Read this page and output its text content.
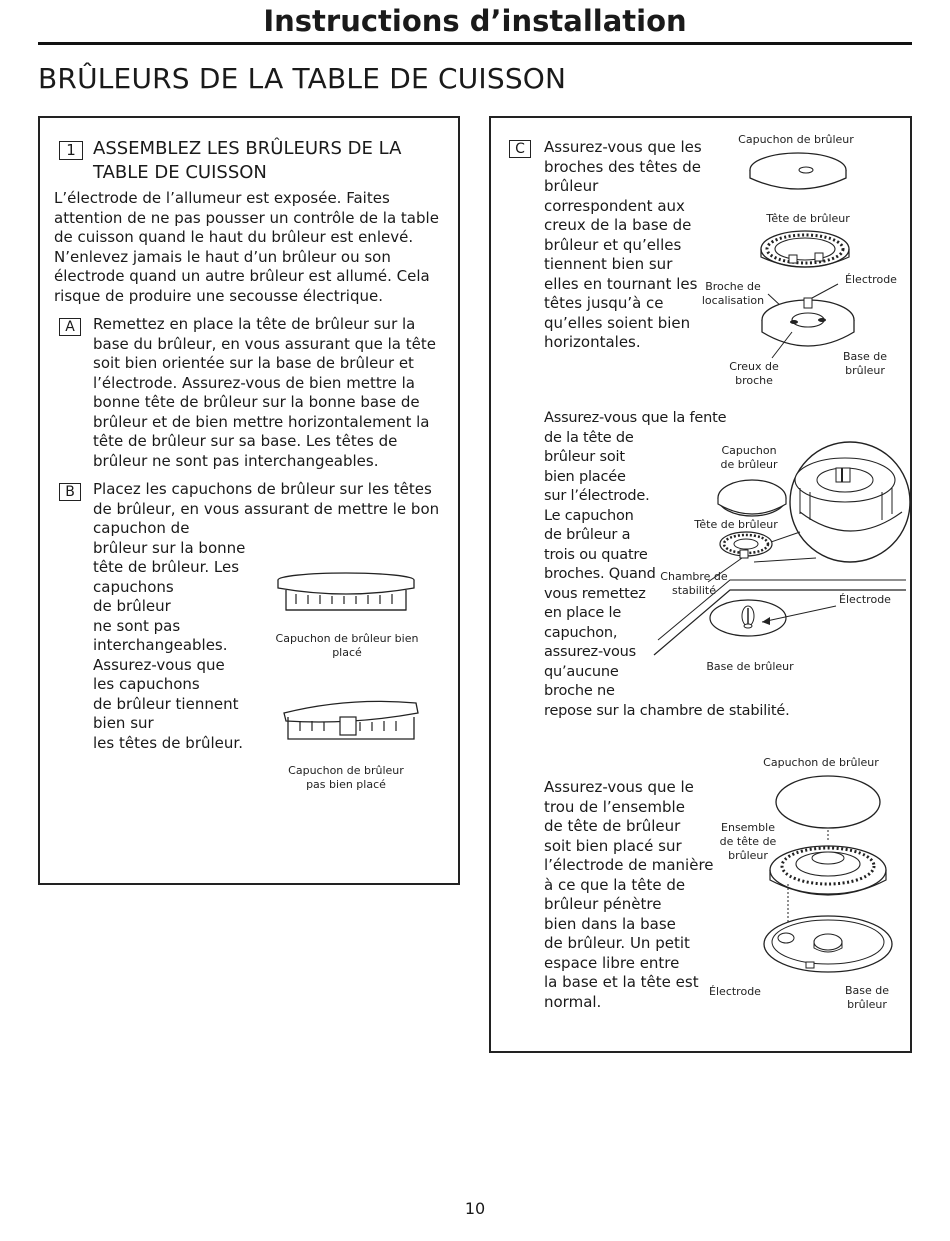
Instructions d’installation
BRÛLEURS DE LA TABLE DE CUISSON
1 ASSEMBLEZ LES BRÛLEURS DE LA
TABLE DE CUISSON
L’électrode de l’allumeur est exposée. Faites
attention de ne pas pousser un contrôle de la table
de cuisson quand le haut du brûleur est enlevé.
N’enlevez jamais le haut d’un brûleur ou son
électrode quand un autre brûleur est allumé. Cela
risque de produire une secousse électrique.
A	Remettez en place la tête de brûleur sur la
base du brûleur, en vous assurant que la tête
soit bien orientée sur la base de brûleur et
l’électrode. Assurez-vous de bien mettre la
bonne tête de brûleur sur la bonne base de
brûleur et de bien mettre horizontalement la
tête de brûleur sur sa base. Les têtes de
brûleur ne sont pas interchangeables.
B	Placez les capuchons de brûleur sur les têtes
de brûleur, en vous assurant de mettre le bon
capuchon de
brûleur sur la bonne
tête de brûleur. Les
capuchons
de brûleur
ne sont pas
interchangeables.
Assurez-vous que
les capuchons
de brûleur tiennent
bien sur
les têtes de brûleur.
Capuchon de brûleur bien placé
Capuchon de brûleur
pas bien placé
C	Assurez-vous que les
broches des têtes de
brûleur
correspondent aux
creux de la base de
brûleur et qu’elles
tiennent bien sur
elles en tournant les
têtes jusqu’à ce
qu’elles soient bien
horizontales.
Capuchon de brûleur
Tête de brûleur
Broche de
localisation
Électrode
Creux de
broche
Base de
brûleur
Assurez-vous que la fente
de la tête de
brûleur soit
bien placée
sur l’électrode.
Le capuchon
de brûleur a
trois ou quatre
broches. Quand
vous remettez
en place le
capuchon,
assurez-vous
qu’aucune
broche ne
repose sur la chambre de stabilité.
Capuchon
de brûleur
Tête de brûleur
Chambre de
stabilité
Électrode
Base de brûleur
Assurez-vous que le
trou de l’ensemble
de tête de brûleur
soit bien placé sur
l’électrode de manière
à ce que la tête de
brûleur pénètre
bien dans la base
de brûleur. Un petit
espace libre entre
la base et la tête est
normal.
Capuchon de brûleur
Ensemble
de tête de
brûleur
Électrode	Base de
brûleur
10
